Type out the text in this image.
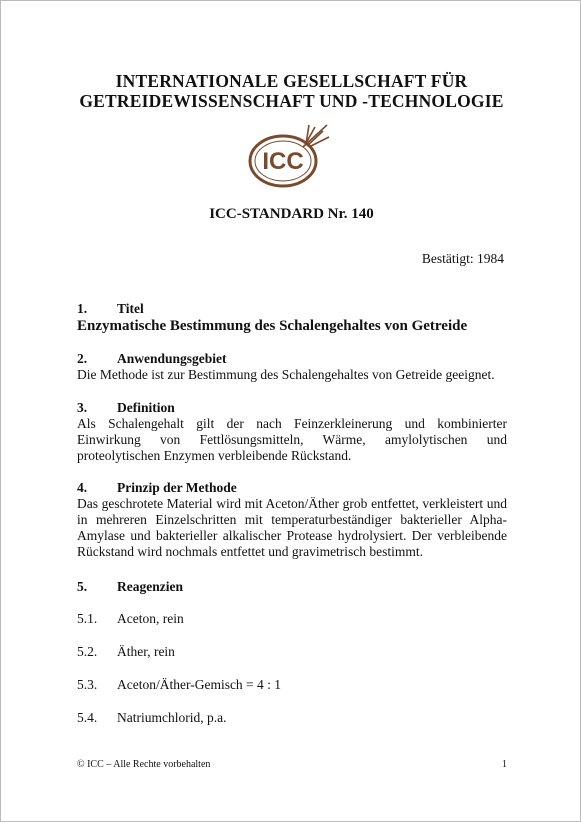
INTERNATIONALE GESELLSCHAFT FÜR
GETREIDEWISSENSCHAFT UND -TECHNOLOGIE
ICC
ICC-STANDARD Nr. 140
Bestätigt: 1984
1. Titel
Enzymatische Bestimmung des Schalengehaltes von Getreide
2. Anwendungsgebiet
Die Methode ist zur Bestimmung des Schalengehaltes von Getreide geeignet.
3. Definition
Als Schalengehalt gilt der nach Feinzerkleinerung und kombinierter Einwirkung von Fettlösungsmitteln, Wärme, amylolytischen und proteolytischen Enzymen verbleibende Rückstand.
4. Prinzip der Methode
Das geschrotete Material wird mit Aceton/Äther grob entfettet, verkleistert und in mehreren Einzelschritten mit temperaturbeständiger bakterieller Alpha-Amylase und bakterieller alkalischer Protease hydrolysiert. Der verbleibende Rückstand wird nochmals entfettet und gravimetrisch bestimmt.
5. Reagenzien
5.1. Aceton, rein
5.2. Äther, rein
5.3. Aceton/Äther-Gemisch = 4 : 1
5.4. Natriumchlorid, p.a.
© ICC – Alle Rechte vorbehalten	1
